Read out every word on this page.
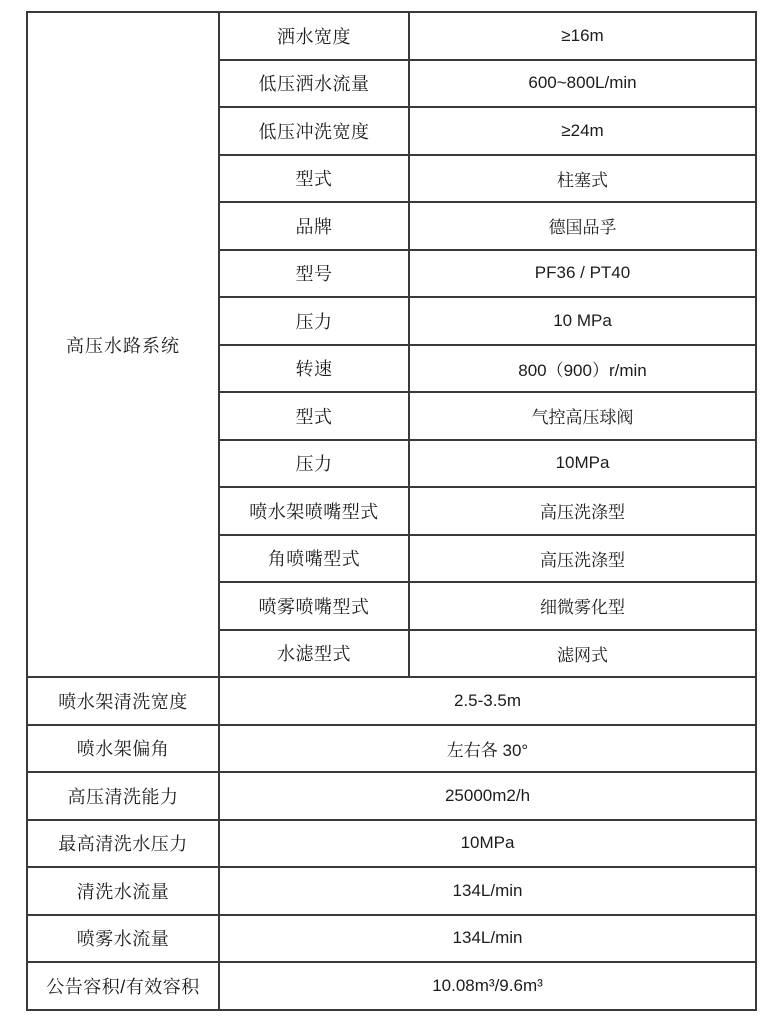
高压水路系统	洒水宽度	≥16m
	低压洒水流量	600~800L/min
	低压冲洗宽度	≥24m
	型式	柱塞式
	品牌	德国品孚
	型号	PF36 / PT40
	压力	10 MPa
	转速	800（900）r/min
	型式	气控高压球阀
	压力	10MPa
	喷水架喷嘴型式	高压洗涤型
	角喷嘴型式	高压洗涤型
	喷雾喷嘴型式	细微雾化型
	水滤型式	滤网式
喷水架清洗宽度	2.5-3.5m	
喷水架偏角	左右各 30°	
高压清洗能力	25000m2/h	
最高清洗水压力	10MPa	
清洗水流量	134L/min	
喷雾水流量	134L/min	
公告容积/有效容积	10.08m³/9.6m³	
